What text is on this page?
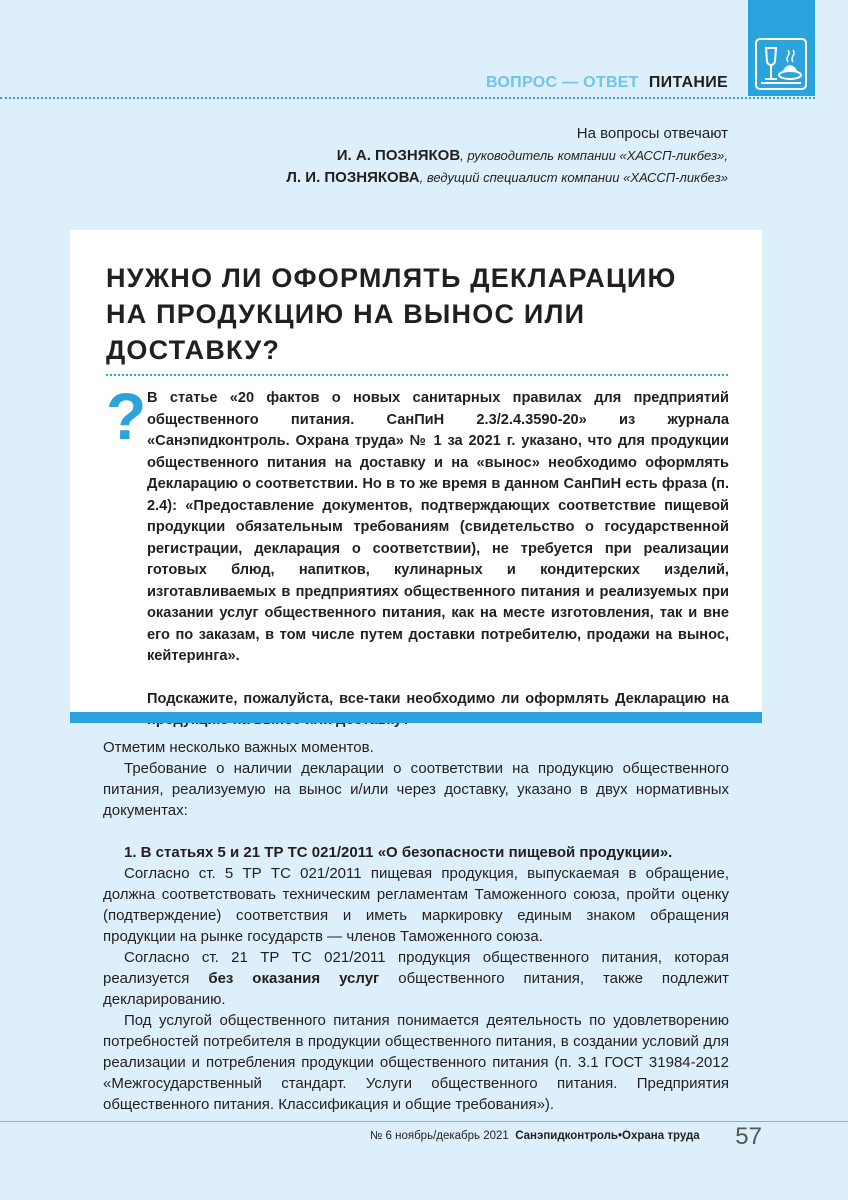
ВОПРОС — ОТВЕТ ПИТАНИЕ
На вопросы отвечают
И. А. ПОЗНЯКОВ, руководитель компании «ХАССП-ликбез»,
Л. И. ПОЗНЯКОВА, ведущий специалист компании «ХАССП-ликбез»
НУЖНО ЛИ ОФОРМЛЯТЬ ДЕКЛАРАЦИЮ НА ПРОДУКЦИЮ НА ВЫНОС ИЛИ ДОСТАВКУ?
? В статье «20 фактов о новых санитарных правилах для предприятий общественного питания. СанПиН 2.3/2.4.3590-20» из журнала «Санэпидконтроль. Охрана труда» № 1 за 2021 г. указано, что для продукции общественного питания на доставку и на «вынос» необходимо оформлять Декларацию о соответствии. Но в то же время в данном СанПиН есть фраза (п. 2.4): «Предоставление документов, подтверждающих соответствие пищевой продукции обязательным требованиям (свидетельство о государственной регистрации, декларация о соответствии), не требуется при реализации готовых блюд, напитков, кулинарных и кондитерских изделий, изготавливаемых в предприятиях общественного питания и реализуемых при оказании услуг общественного питания, как на месте изготовления, так и вне его по заказам, в том числе путем доставки потребителю, продажи на вынос, кейтеринга».

Подскажите, пожалуйста, все-таки необходимо ли оформлять Декларацию на

Отметим несколько важных моментов.

Требование о наличии декларации о соответствии на продукцию общественного питания, реализуемую на вынос и/или через доставку, указано в двух нормативных документах:

1. В статьях 5 и 21 ТР ТС 021/2011 «О безопасности пищевой продукции».

Согласно ст. 5 ТР ТС 021/2011 пищевая продукция, выпускаемая в обращение, должна соответствовать техническим регламентам Таможенного союза, пройти оценку (подтверждение) соответствия и иметь маркировку единым знаком обращения продукции на рынке государств — членов Таможенного союза.

Согласно ст. 21 ТР ТС 021/2011 продукция общественного питания, которая реализуется без оказания услуг общественного питания, также подлежит декларированию.

Под услугой общественного питания понимается деятельность по удовлетворению потребностей потребителя в продукции общественного питания, в создании условий для реализации и потребления продукции общественного питания (п. 3.1 ГОСТ 31984-2012 «Межгосударственный стандарт. Услуги общественного питания. Предприятия общественного питания. Классификация и общие требования»).

№ 6 ноябрь/декабрь 2021 Санэпидконтроль•Охрана труда 57
